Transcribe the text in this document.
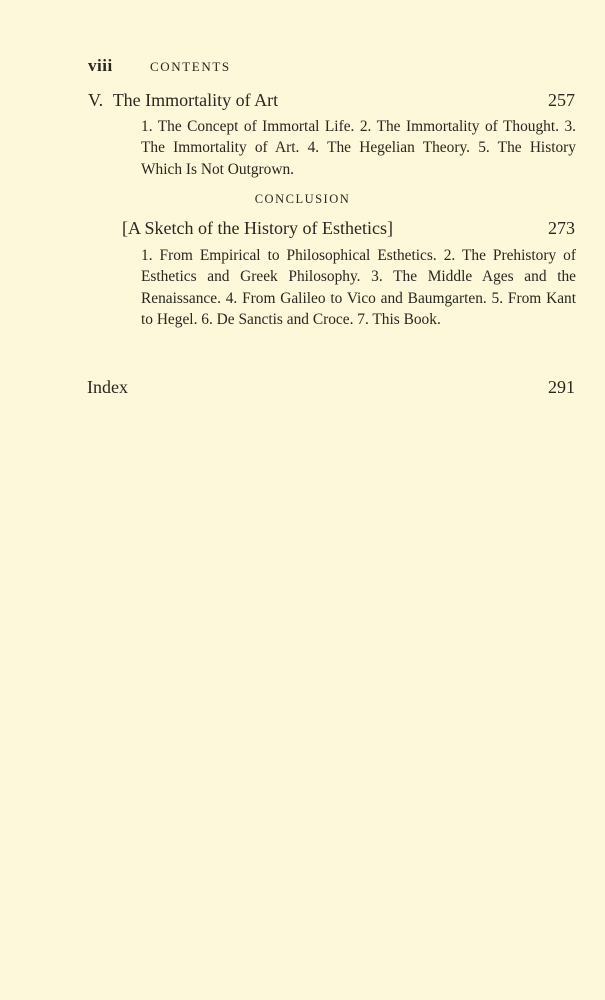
viii	CONTENTS
V. The Immortality of Art	257
1. The Concept of Immortal Life. 2. The Immortality of Thought. 3. The Immortality of Art. 4. The Hegelian Theory. 5. The History Which Is Not Outgrown.
CONCLUSION
[A Sketch of the History of Esthetics]	273
1. From Empirical to Philosophical Esthetics. 2. The Prehistory of Esthetics and Greek Philosophy. 3. The Middle Ages and the Renaissance. 4. From Galileo to Vico and Baumgarten. 5. From Kant to Hegel. 6. De Sanctis and Croce. 7. This Book.
Index	291
